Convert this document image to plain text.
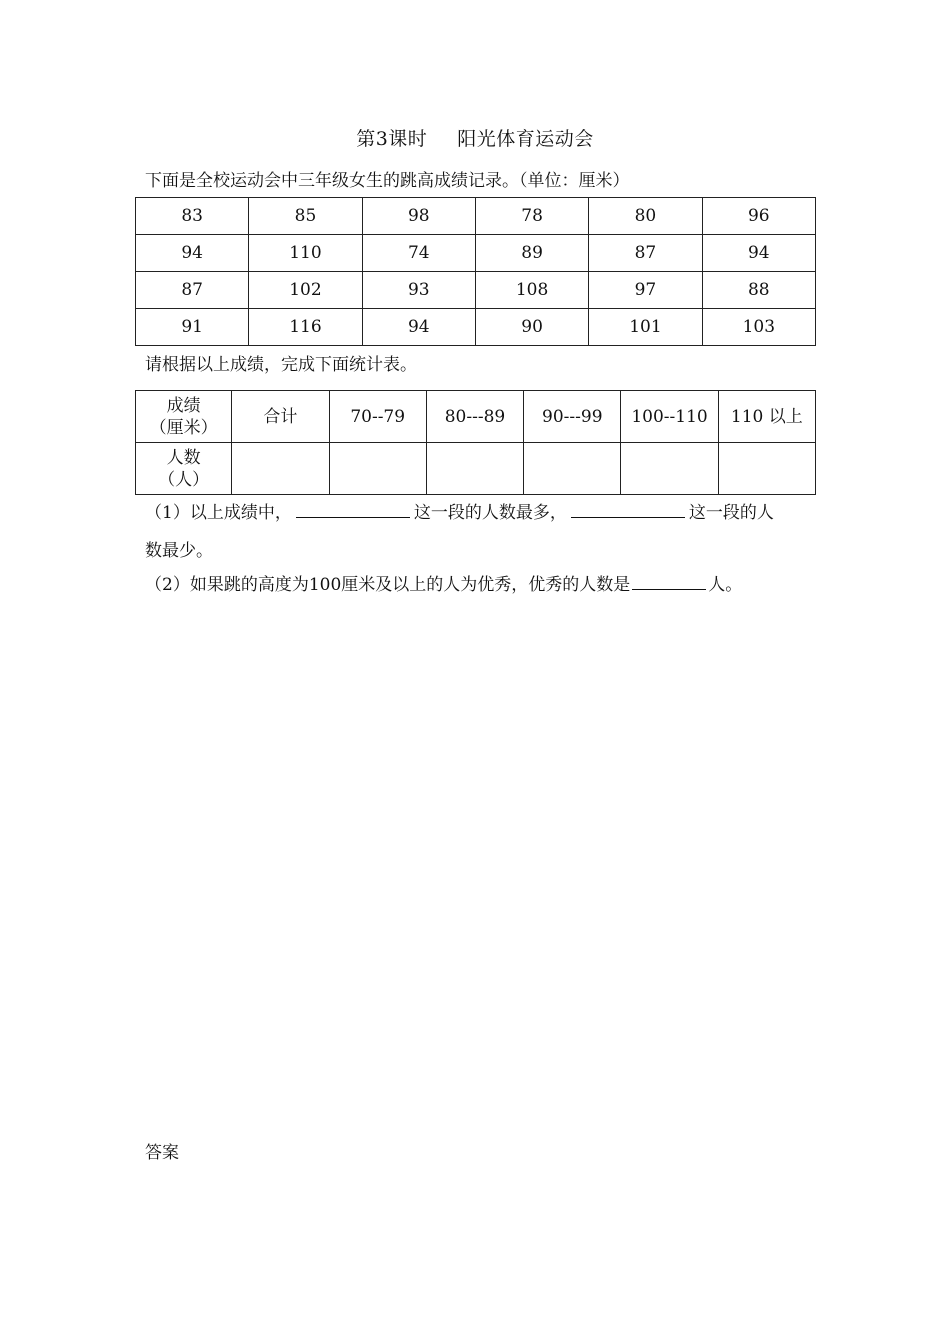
第3课时 阳光体育运动会
下面是全校运动会中三年级女生的跳高成绩记录。（单位：厘米）
83	85	98	78	80	96
94	110	74	89	87	94
87	102	93	108	97	88
91	116	94	90	101	103
请根据以上成绩，完成下面统计表。
成绩
（厘米）	合计	70--79	80---89	90---99	100--110	110 以上

人数
（人）						

（1）以上成绩中，	这一段的人数最多，	这一段的人
数最少。
（2）如果跳的高度为100厘米及以上的人为优秀，优秀的人数是	人。
答案
